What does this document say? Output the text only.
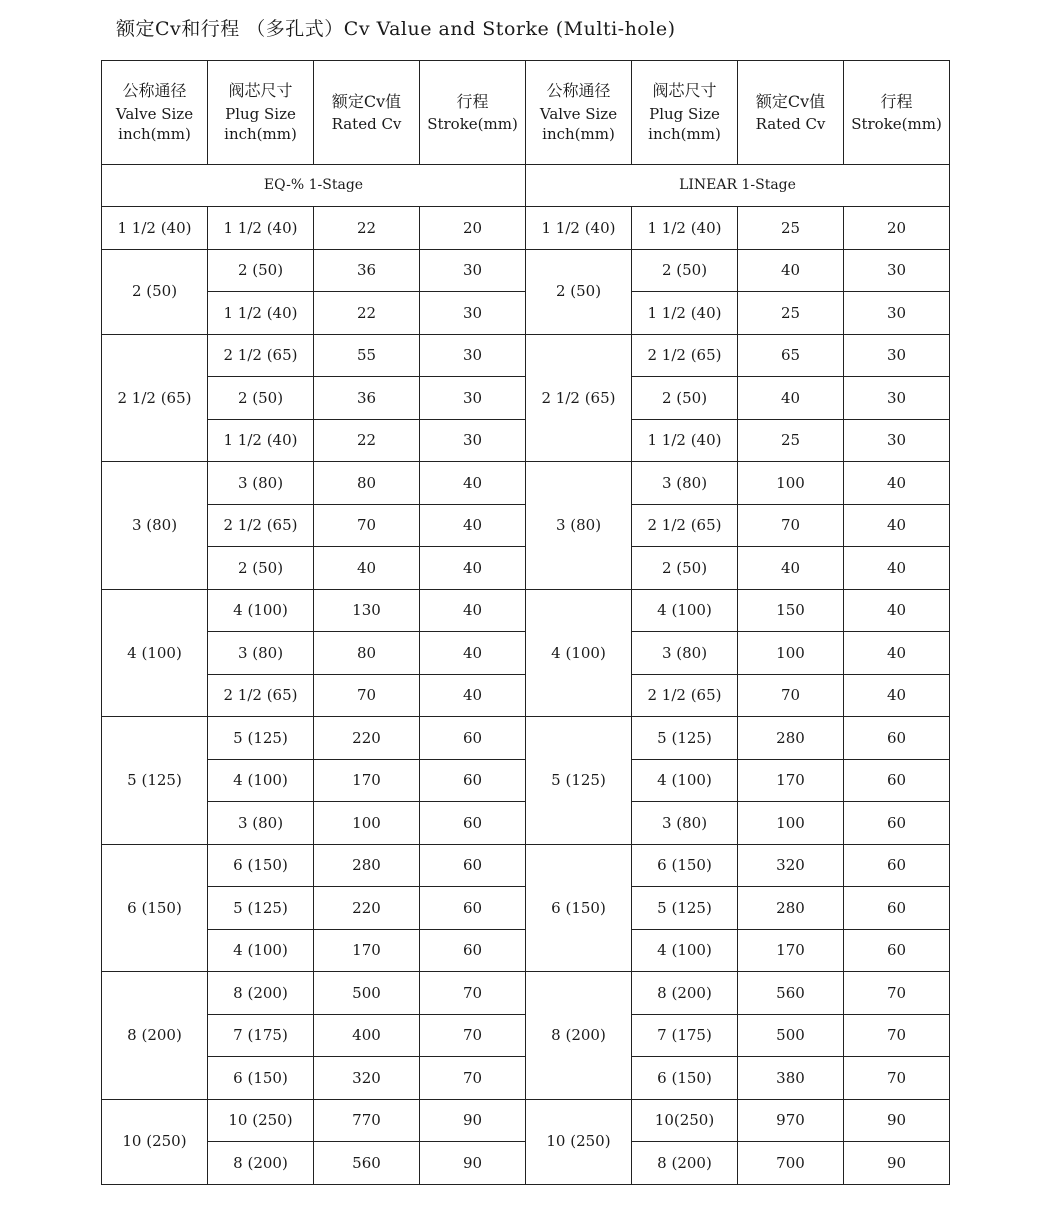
额定Cv和行程 （多孔式）Cv Value and Storke (Multi-hole)
公称通径
Valve Size
inch(mm)	阀芯尺寸
Plug Size
inch(mm)	额定Cv值
Rated Cv	行程
Stroke(mm)	公称通径
Valve Size
inch(mm)	阀芯尺寸
Plug Size
inch(mm)	额定Cv值
Rated Cv	行程
Stroke(mm)

EQ-% 1-Stage				LINEAR 1-Stage			
1 1/2 (40)	1 1/2 (40)	22	20	1 1/2 (40)	1 1/2 (40)	25	20
2 (50)	2 (50)	36	30	2 (50)	2 (50)	40	30
	1 1/2 (40)	22	30		1 1/2 (40)	25	30
2 1/2 (65)	2 1/2 (65)	55	30	2 1/2 (65)	2 1/2 (65)	65	30
	2 (50)	36	30		2 (50)	40	30
	1 1/2 (40)	22	30		1 1/2 (40)	25	30
3 (80)	3 (80)	80	40	3 (80)	3 (80)	100	40
	2 1/2 (65)	70	40		2 1/2 (65)	70	40
	2 (50)	40	40		2 (50)	40	40
4 (100)	4 (100)	130	40	4 (100)	4 (100)	150	40
	3 (80)	80	40		3 (80)	100	40
	2 1/2 (65)	70	40		2 1/2 (65)	70	40
5 (125)	5 (125)	220	60	5 (125)	5 (125)	280	60
	4 (100)	170	60		4 (100)	170	60
	3 (80)	100	60		3 (80)	100	60
6 (150)	6 (150)	280	60	6 (150)	6 (150)	320	60
	5 (125)	220	60		5 (125)	280	60
	4 (100)	170	60		4 (100)	170	60
8 (200)	8 (200)	500	70	8 (200)	8 (200)	560	70
	7 (175)	400	70		7 (175)	500	70
	6 (150)	320	70		6 (150)	380	70
10 (250)	10 (250)	770	90	10 (250)	10(250)	970	90
	8 (200)	560	90		8 (200)	700	90
